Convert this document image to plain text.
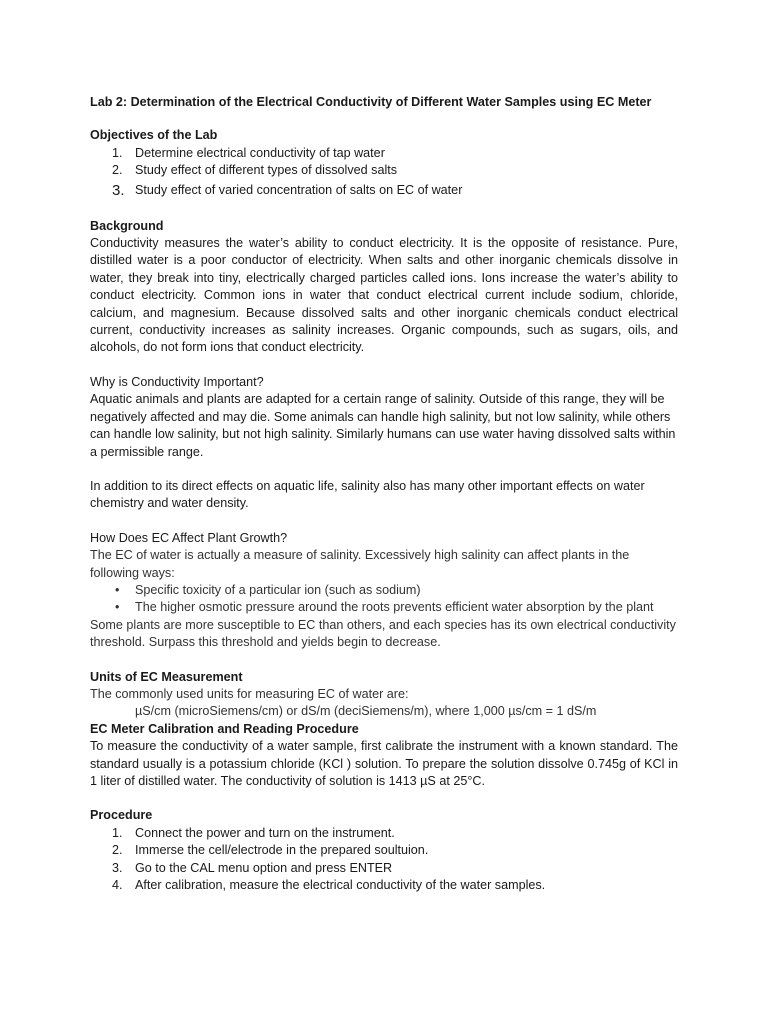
Lab 2: Determination of the Electrical Conductivity of Different Water Samples using EC Meter

Objectives of the Lab

1. Determine electrical conductivity of tap water
2. Study effect of different types of dissolved salts
3. Study effect of varied concentration of salts on EC of water

Background

Conductivity measures the water’s ability to conduct electricity. It is the opposite of resistance. Pure, distilled water is a poor conductor of electricity. When salts and other inorganic chemicals dissolve in water, they break into tiny, electrically charged particles called ions. Ions increase the water’s ability to conduct electricity. Common ions in water that conduct electrical current include sodium, chloride, calcium, and magnesium. Because dissolved salts and other inorganic chemicals conduct electrical current, conductivity increases as salinity increases. Organic compounds, such as sugars, oils, and alcohols, do not form ions that conduct electricity.

Why is Conductivity Important?

Aquatic animals and plants are adapted for a certain range of salinity. Outside of this range, they will be negatively affected and may die. Some animals can handle high salinity, but not low salinity, while others can handle low salinity, but not high salinity. Similarly humans can use water having dissolved salts within a permissible range.

In addition to its direct effects on aquatic life, salinity also has many other important effects on water chemistry and water density.

How Does EC Affect Plant Growth?

The EC of water is actually a measure of salinity. Excessively high salinity can affect plants in the following ways:

• Specific toxicity of a particular ion (such as sodium)
• The higher osmotic pressure around the roots prevents efficient water absorption by the plant

Some plants are more susceptible to EC than others, and each species has its own electrical conductivity threshold. Surpass this threshold and yields begin to decrease.

Units of EC Measurement

The commonly used units for measuring EC of water are:

µS/cm (microSiemens/cm) or dS/m (deciSiemens/m), where 1,000 µs/cm = 1 dS/m

EC Meter Calibration and Reading Procedure

To measure the conductivity of a water sample, first calibrate the instrument with a known standard. The standard usually is a potassium chloride (KCl ) solution. To prepare the solution dissolve 0.745g of KCl in 1 liter of distilled water. The conductivity of solution is 1413 µS at 25°C.

Procedure

1. Connect the power and turn on the instrument.
2. Immerse the cell/electrode in the prepared soultuion.
3. Go to the CAL menu option and press ENTER
4. After calibration, measure the electrical conductivity of the water samples.
